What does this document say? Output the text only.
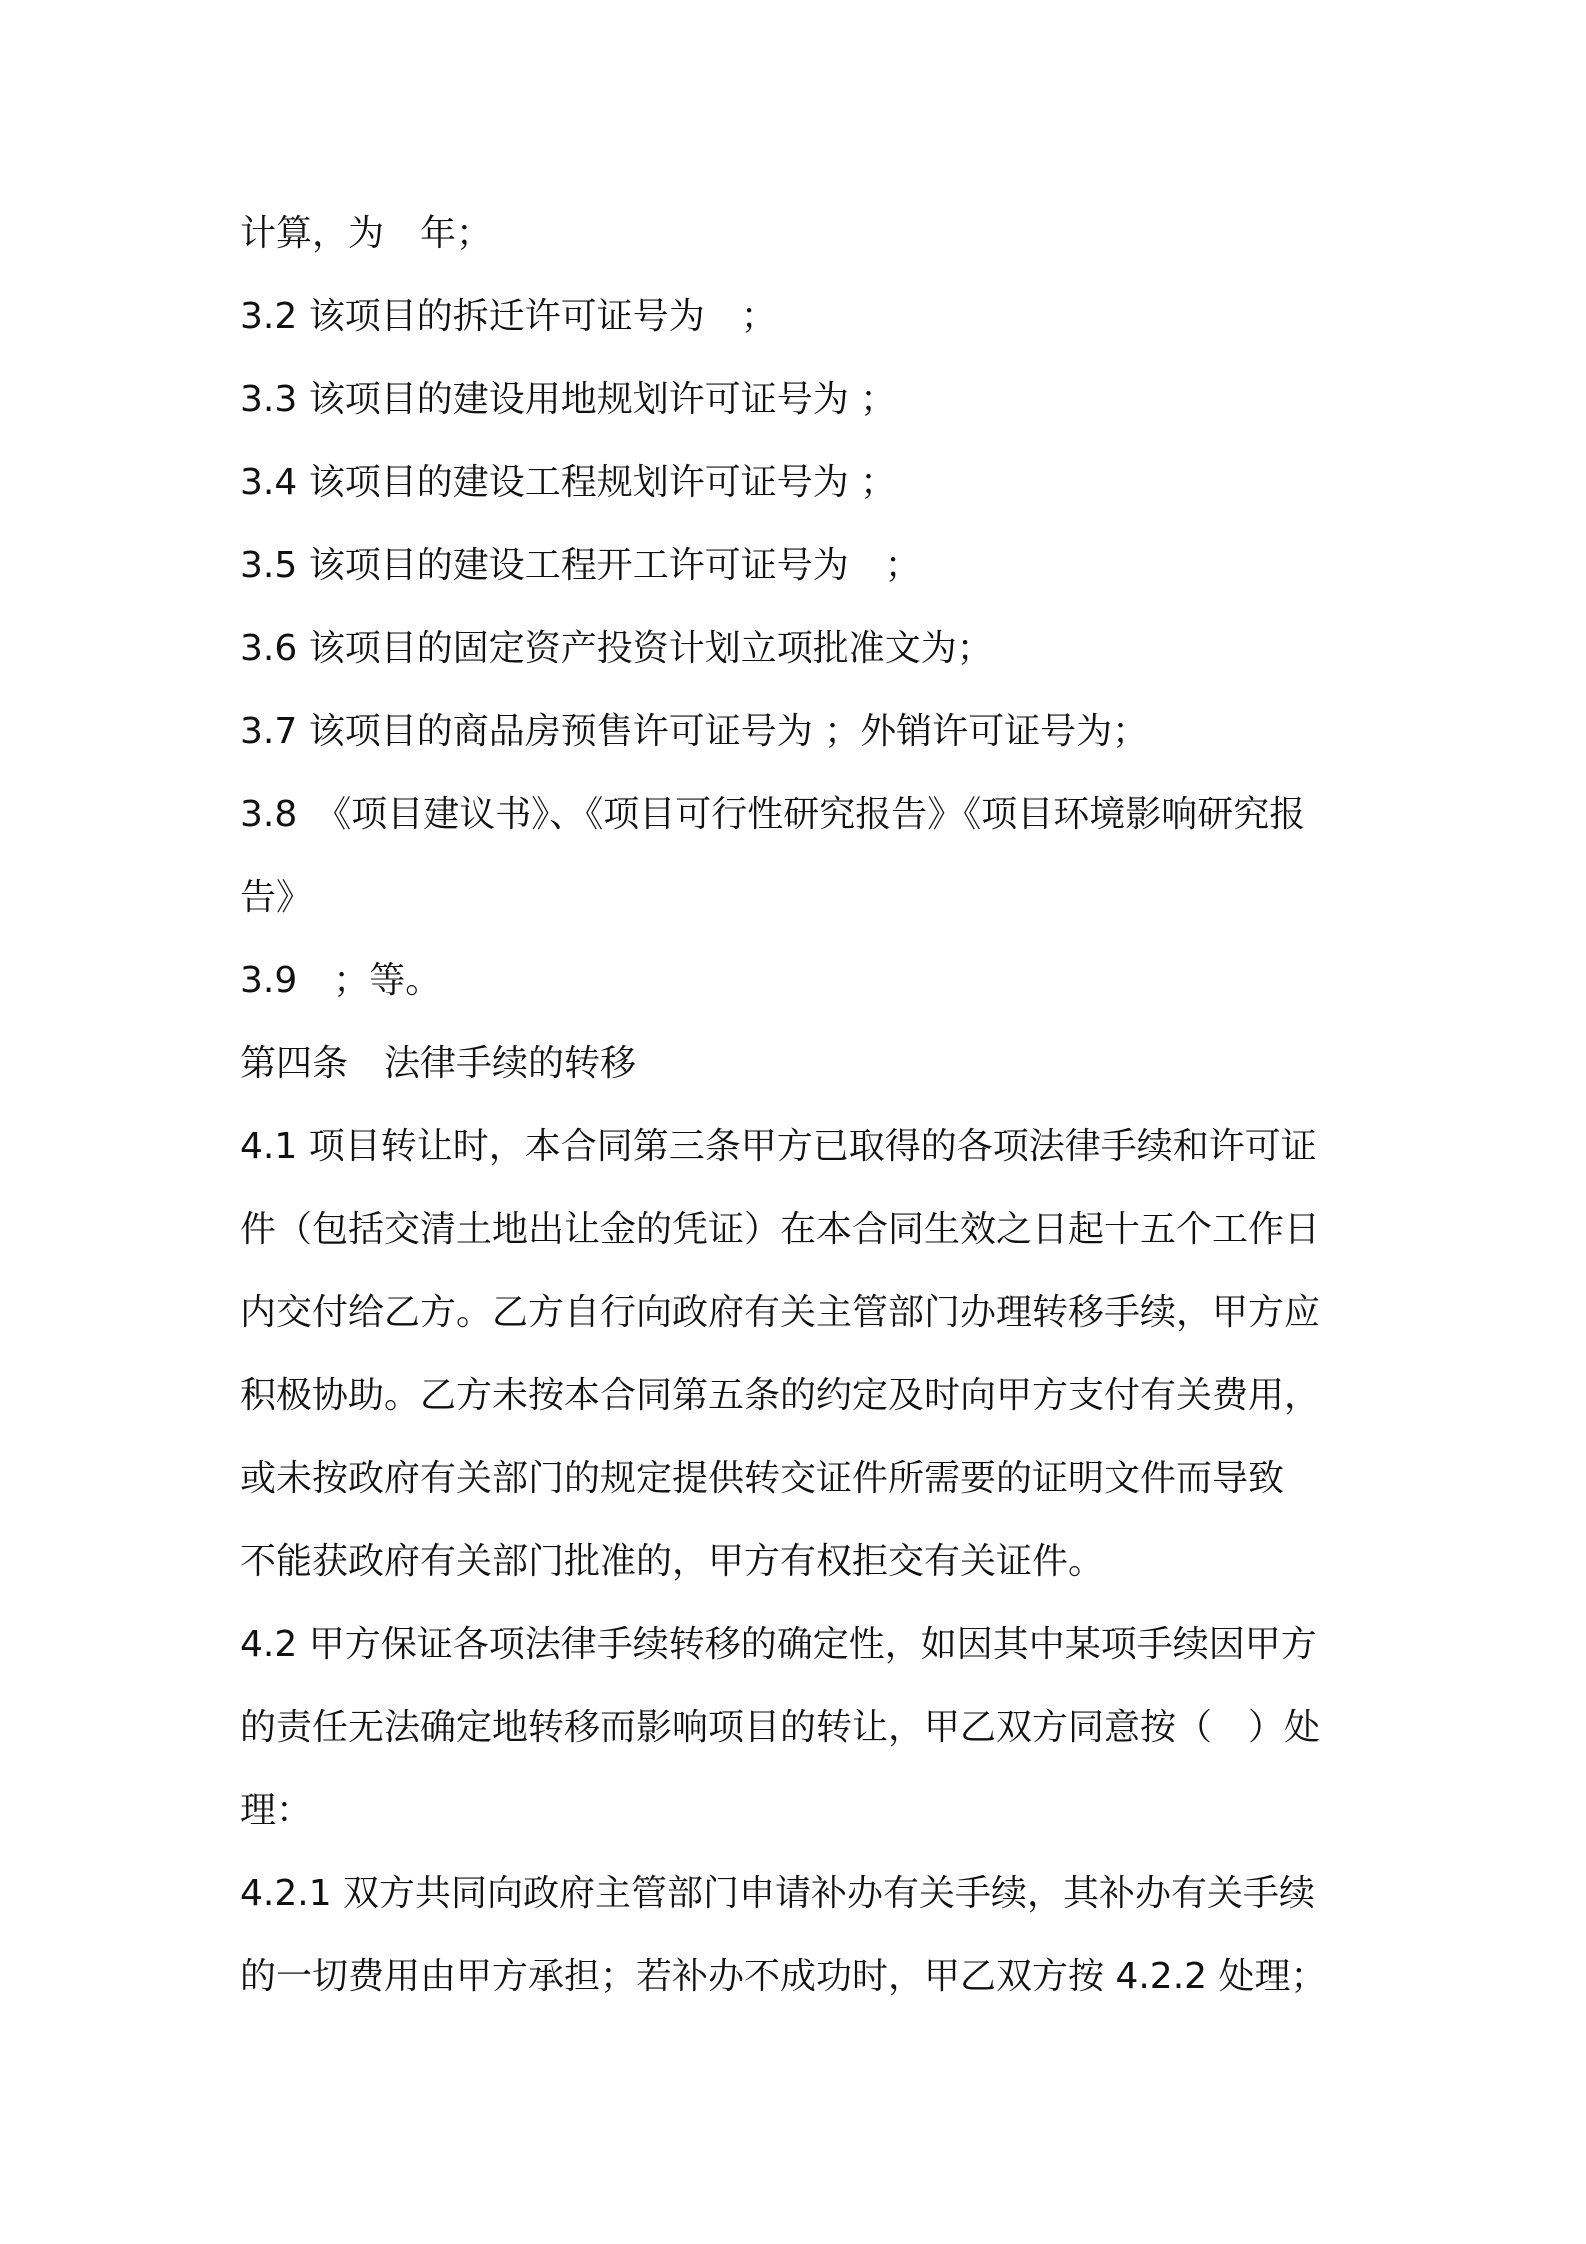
计算，为　年；
3.2 该项目的拆迁许可证号为　；
3.3 该项目的建设用地规划许可证号为 ；
3.4 该项目的建设工程规划许可证号为 ；
3.5 该项目的建设工程开工许可证号为　；
3.6 该项目的固定资产投资计划立项批准文为；
3.7 该项目的商品房预售许可证号为 ；外销许可证号为；
3.8　《项目建议书》、《项目可行性研究报告》《项目环境影响研究报
告》
3.9　；等。
第四条　法律手续的转移
4.1 项目转让时，本合同第三条甲方已取得的各项法律手续和许可证
件（包括交清土地出让金的凭证）在本合同生效之日起十五个工作日
内交付给乙方。乙方自行向政府有关主管部门办理转移手续，甲方应
积极协助。乙方未按本合同第五条的约定及时向甲方支付有关费用，
或未按政府有关部门的规定提供转交证件所需要的证明文件而导致
不能获政府有关部门批准的，甲方有权拒交有关证件。
4.2 甲方保证各项法律手续转移的确定性，如因其中某项手续因甲方
的责任无法确定地转移而影响项目的转让，甲乙双方同意按（　）处
理：
4.2.1 双方共同向政府主管部门申请补办有关手续，其补办有关手续
的一切费用由甲方承担；若补办不成功时，甲乙双方按 4.2.2 处理；
